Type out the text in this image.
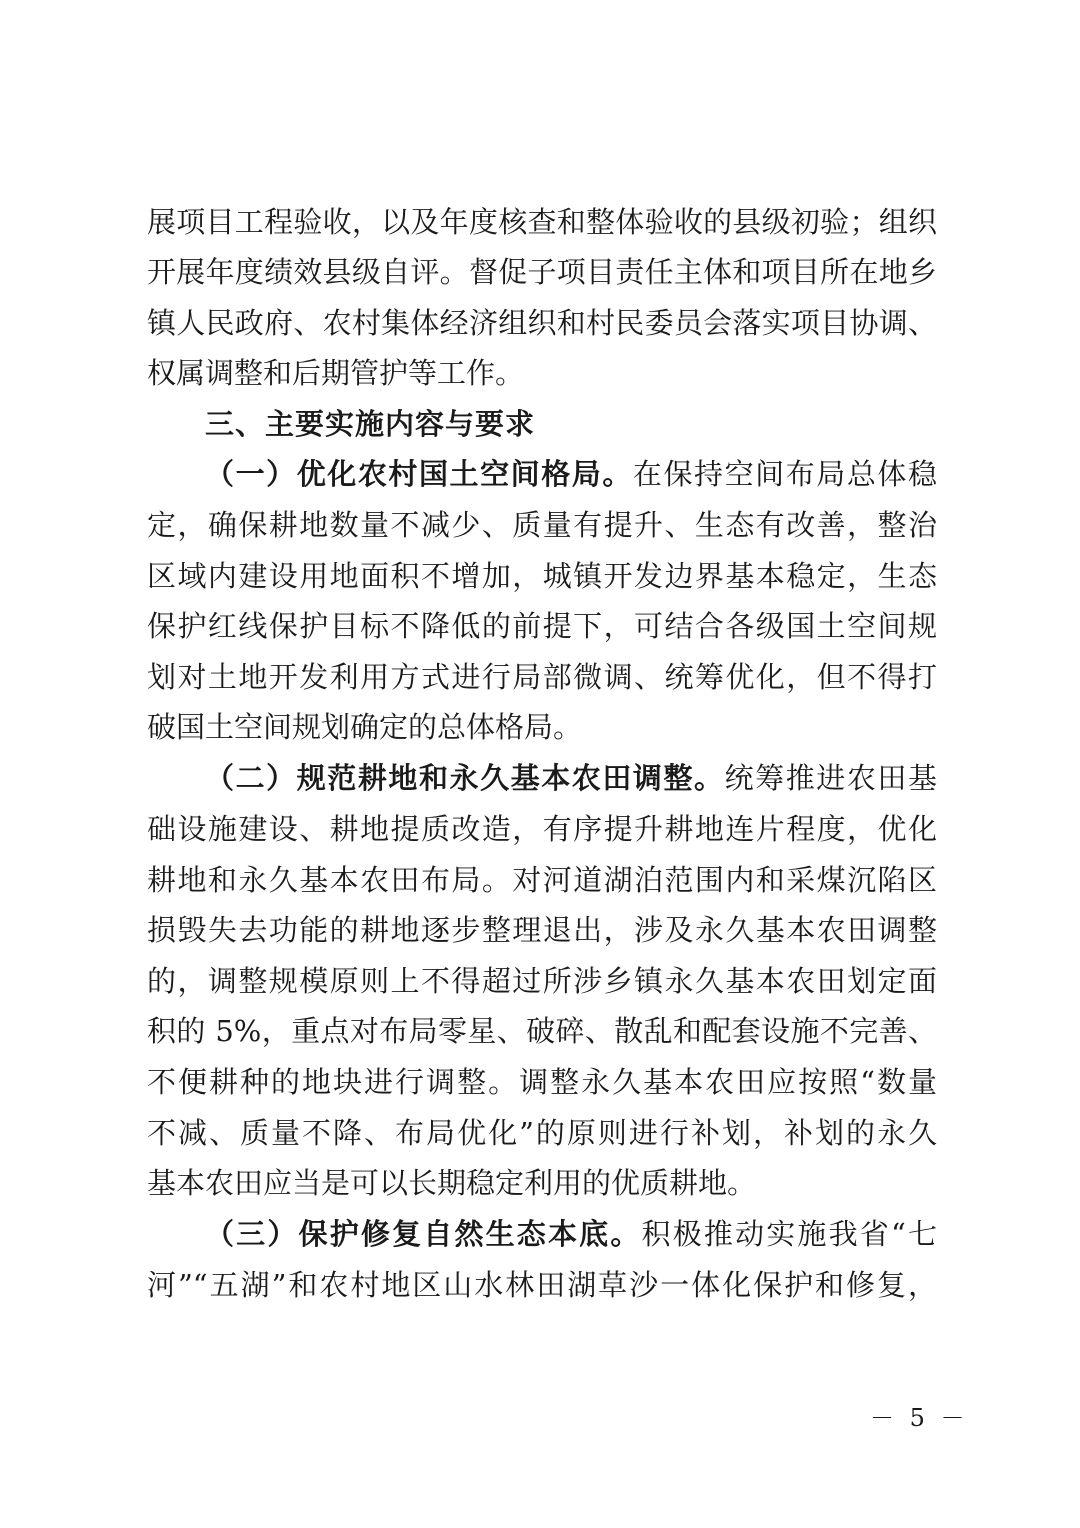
展项目工程验收，以及年度核查和整体验收的县级初验；组织
开展年度绩效县级自评。督促子项目责任主体和项目所在地乡
镇人民政府、农村集体经济组织和村民委员会落实项目协调、
权属调整和后期管护等工作。
三、主要实施内容与要求
（一）优化农村国土空间格局。在保持空间布局总体稳
定，确保耕地数量不减少、质量有提升、生态有改善，整治
区域内建设用地面积不增加，城镇开发边界基本稳定，生态
保护红线保护目标不降低的前提下，可结合各级国土空间规
划对土地开发利用方式进行局部微调、统筹优化，但不得打
破国土空间规划确定的总体格局。
（二）规范耕地和永久基本农田调整。统筹推进农田基
础设施建设、耕地提质改造，有序提升耕地连片程度，优化
耕地和永久基本农田布局。对河道湖泊范围内和采煤沉陷区
损毁失去功能的耕地逐步整理退出，涉及永久基本农田调整
的，调整规模原则上不得超过所涉乡镇永久基本农田划定面
积的 5%，重点对布局零星、破碎、散乱和配套设施不完善、
不便耕种的地块进行调整。调整永久基本农田应按照“数量
不减、质量不降、布局优化”的原则进行补划，补划的永久
基本农田应当是可以长期稳定利用的优质耕地。
（三）保护修复自然生态本底。积极推动实施我省“七
河”“五湖”和农村地区山水林田湖草沙一体化保护和修复，
－ 5 －
